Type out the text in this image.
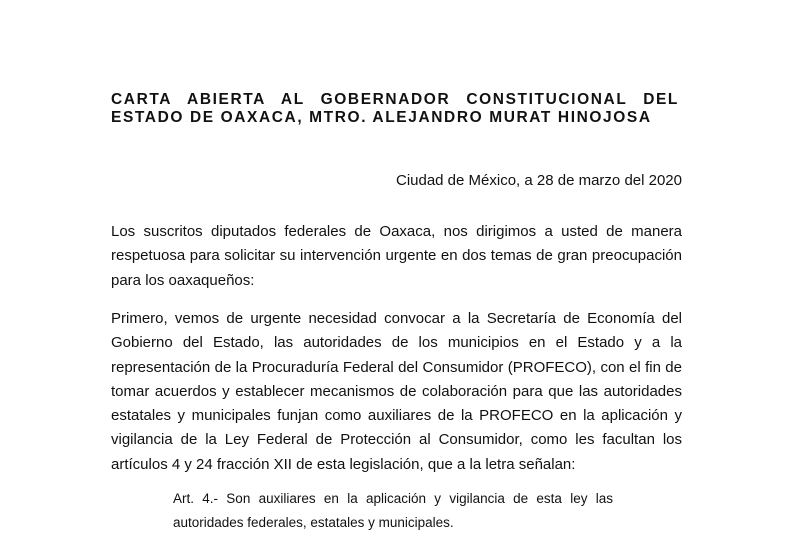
CARTA ABIERTA AL GOBERNADOR CONSTITUCIONAL DEL
ESTADO DE OAXACA, MTRO. ALEJANDRO MURAT HINOJOSA
Ciudad de México, a 28 de marzo del 2020
Los suscritos diputados federales de Oaxaca, nos dirigimos a usted de manera respetuosa para solicitar su intervención urgente en dos temas de gran preocupación para los oaxaqueños:
Primero, vemos de urgente necesidad convocar a la Secretaría de Economía del Gobierno del Estado, las autoridades de los municipios en el Estado y a la representación de la Procuraduría Federal del Consumidor (PROFECO), con el fin de tomar acuerdos y establecer mecanismos de colaboración para que las autoridades estatales y municipales funjan como auxiliares de la PROFECO en la aplicación y vigilancia de la Ley Federal de Protección al Consumidor, como les facultan los artículos 4 y 24 fracción XII de esta legislación, que a la letra señalan:
Art. 4.- Son auxiliares en la aplicación y vigilancia de esta ley las autoridades federales, estatales y municipales.
